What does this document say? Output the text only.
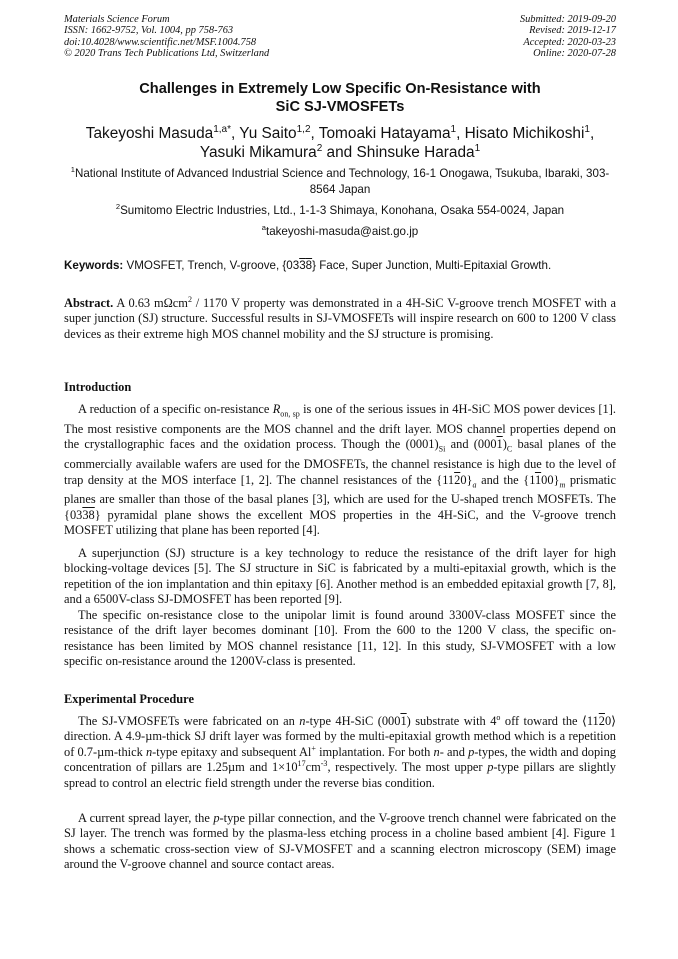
Materials Science Forum
ISSN: 1662-9752, Vol. 1004, pp 758-763
doi:10.4028/www.scientific.net/MSF.1004.758
© 2020 Trans Tech Publications Ltd, Switzerland
Submitted: 2019-09-20
Revised: 2019-12-17
Accepted: 2020-03-23
Online: 2020-07-28
Challenges in Extremely Low Specific On-Resistance with
SiC SJ-VMOSFETs
Takeyoshi Masuda$^{1,a*}$, Yu Saito$^{1,2}$, Tomoaki Hatayama$^1$, Hisato Michikoshi$^1$,
Yasuki Mikamura$^2$ and Shinsuke Harada$^1$
$^1$National Institute of Advanced Industrial Science and Technology, 16-1 Onogawa, Tsukuba, Ibaraki, 303-8564 Japan
$^2$Sumitomo Electric Industries, Ltd., 1-1-3 Shimaya, Konohana, Osaka 554-0024, Japan
$^a$takeyoshi-masuda@aist.go.jp
Keywords: VMOSFET, Trench, V-groove, {0338} Face, Super Junction, Multi-Epitaxial Growth.
Abstract. A 0.63 mΩcm$^2$ / 1170 V property was demonstrated in a 4H-SiC V-groove trench MOSFET with a super junction (SJ) structure. Successful results in SJ-VMOSFETs will inspire research on 600 to 1200 V class devices as their extreme high MOS channel mobility and the SJ structure is promising.
Introduction
A reduction of a specific on-resistance $R_{on, sp}$ is one of the serious issues in 4H-SiC MOS power devices [1]. The most resistive components are the MOS channel and the drift layer. MOS channel properties depend on the crystallographic faces and the oxidation process. Though the $(0001)_{Si}$ and $(0001)_C$ basal planes of the commercially available wafers are used for the DMOSFETs, the channel resistance is high due to the level of trap density at the MOS interface [1, 2]. The channel resistances of the $\{1120\}_a$ and the $\{1100\}_m$ prismatic planes are smaller than those of the basal planes [3], which are used for the U-shaped trench MOSFETs. The {0338} pyramidal plane shows the excellent MOS properties in the 4H-SiC, and the V-groove trench MOSFET utilizing that plane has been reported [4].
A superjunction (SJ) structure is a key technology to reduce the resistance of the drift layer for high blocking-voltage devices [5]. The SJ structure in SiC is fabricated by a multi-epitaxial growth, which is the repetition of the ion implantation and thin epitaxy [6]. Another method is an embedded epitaxial growth [7, 8], and a 6500V-class SJ-DMOSFET has been reported [9].
The specific on-resistance close to the unipolar limit is found around 3300V-class MOSFET since the resistance of the drift layer becomes dominant [10]. From the 600 to the 1200 V class, the specific on-resistance has been limited by MOS channel resistance [11, 12]. In this study, SJ-VMOSFET with a low specific on-resistance around the 1200V-class is presented.
Experimental Procedure
The SJ-VMOSFETs were fabricated on an n-type 4H-SiC (0001) substrate with 4$^o$ off toward the ⟨1120⟩ direction. A 4.9-µm-thick SJ drift layer was formed by the multi-epitaxial growth method which is a repetition of 0.7-µm-thick n-type epitaxy and subsequent Al+ implantation. For both n- and p-types, the width and doping concentration of pillars are 1.25µm and $1\times 10^{17}cm^{-3}$, respectively. The most upper p-type pillars are slightly spread to control an electric field strength under the reverse bias condition.
A current spread layer, the p-type pillar connection, and the V-groove trench channel were fabricated on the SJ layer. The trench was formed by the plasma-less etching process in a choline based ambient [4]. Figure 1 shows a schematic cross-section view of SJ-VMOSFET and a scanning electron microscopy (SEM) image around the V-groove channel and source contact areas.
